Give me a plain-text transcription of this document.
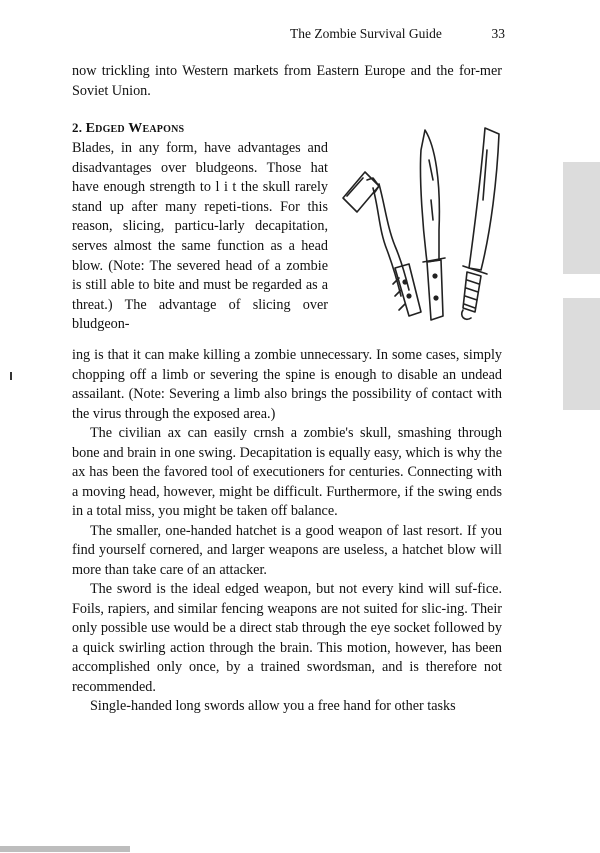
The Zombie Survival Guide	33

now trickling into Western markets from Eastern Europe and the for-mer Soviet Union.

2. Edged Weapons

Blades, in any form, have advantages and disadvantages over bludgeons. Those hat have enough strength to l i t the skull rarely stand up after many repeti-tions. For this reason, slicing, particu-larly decapitation, serves almost the same function as a head blow. (Note: The severed head of a zombie is still able to bite and must be regarded as a threat.) The advantage of slicing over bludgeon-

ing is that it can make killing a zombie unnecessary. In some cases, simply chopping off a limb or severing the spine is enough to disable an undead assailant. (Note: Severing a limb also brings the possibility of contact with the virus through the exposed area.)

The civilian ax can easily crnsh a zombie's skull, smashing through bone and brain in one swing. Decapitation is equally easy, which is why the ax has been the favored tool of executioners for centuries. Connecting with a moving head, however, might be difficult. Furthermore, if the swing ends in a total miss, you might be taken off balance.

The smaller, one-handed hatchet is a good weapon of last resort. If you find yourself cornered, and larger weapons are useless, a hatchet blow will more than take care of an attacker.

The sword is the ideal edged weapon, but not every kind will suf-fice. Foils, rapiers, and similar fencing weapons are not suited for slic-ing. Their only possible use would be a direct stab through the eye socket followed by a quick swirling action through the brain. This motion, however, has been accomplished only once, by a trained swordsman, and is therefore not recommended.

Single-handed long swords allow you a free hand for other tasks
